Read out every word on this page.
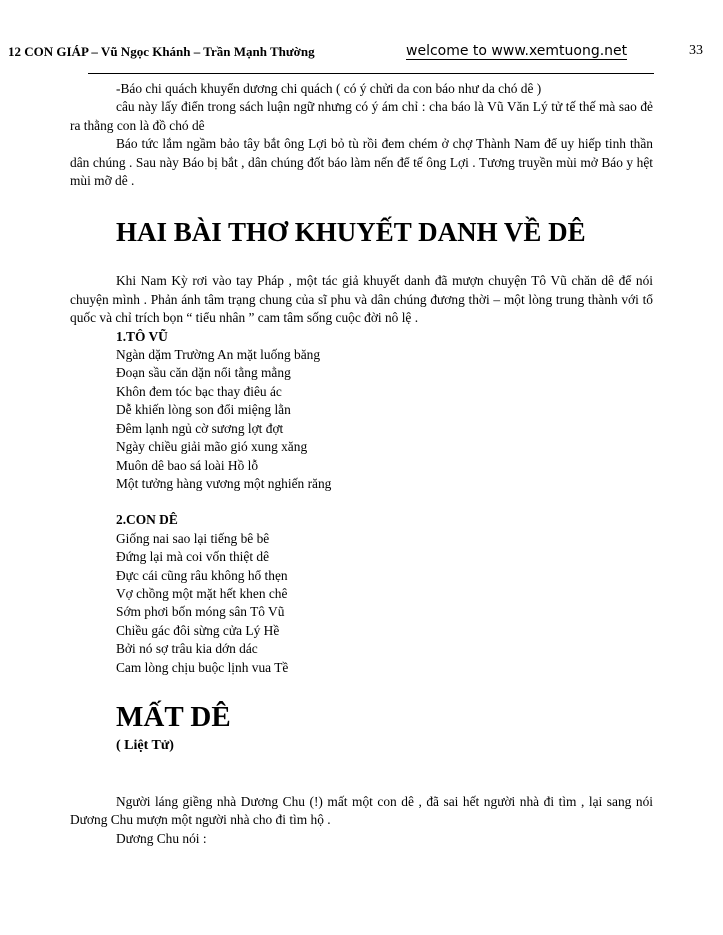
12 CON GIÁP – Vũ Ngọc Khánh – Trần Mạnh Thường	welcome to www.xemtuong.net	33

-Báo chi quách khuyển dương chi quách ( có ý chửi da con báo như da chó dê )

câu này lấy điển trong sách luận ngữ nhưng có ý ám chỉ : cha báo là Vũ Văn Lý tử tế thế mà sao đẻ ra thằng con là đồ chó dê

Báo tức lắm ngầm bảo tây bắt ông Lợi bỏ tù rồi đem chém ở chợ Thành Nam để uy hiếp tinh thần dân chúng . Sau này Báo bị bắt , dân chúng đốt báo làm nến để tế ông Lợi . Tương truyền mùi mở Báo y hệt mùi mỡ dê .

HAI BÀI THƠ KHUYẾT DANH VỀ DÊ

Khi Nam Kỳ rơi vào tay Pháp , một tác giả khuyết danh đã mượn chuyện Tô Vũ chăn dê để nói chuyện mình . Phản ánh tâm trạng chung của sĩ phu và dân chúng đương thời – một lòng trung thành với tổ quốc và chỉ trích bọn “ tiểu nhân ” cam tâm sống cuộc đời nô lệ .

1.TÔ VŨ
Ngàn dặm Trường An mặt luống băng
Đoạn sầu căn dặn nổi tằng mằng
Khôn đem tóc bạc thay điêu ác
Dễ khiến lòng son đổi miệng lằn
Đêm lạnh ngủ cờ sương lợt đợt
Ngày chiều giải mão gió xung xăng
Muôn dê bao sá loài Hồ lỗ
Một tưởng hàng vương một nghiến răng
2.CON DÊ
Giống nai sao lại tiếng bê bê
Đứng lại mà coi vốn thiệt dê
Đực cái cũng râu không hổ thẹn
Vợ chồng một mặt hết khen chê
Sớm phơi bốn móng sân Tô Vũ
Chiều gác đôi sừng cửa Lý Hề
Bởi nó sợ trâu kia dớn dác
Cam lòng chịu buộc lịnh vua Tề
MẤT DÊ
( Liệt Tử)

Người láng giềng nhà Dương Chu (!) mất một con dê , đã sai hết người nhà đi tìm , lại sang nói Dương Chu mượn một người nhà cho đi tìm hộ .

Dương Chu nói :
